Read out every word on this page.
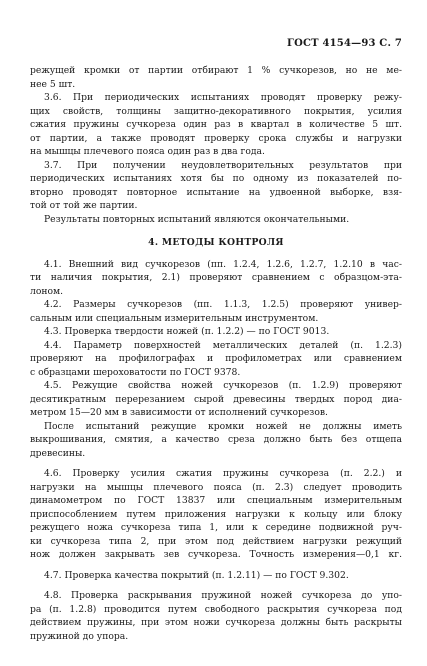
ГОСТ 4154—93 С. 7
режущей кромки от партии отбирают 1 % сучкорезов, но не ме-
нее 5 шт.
3.6. При периодических испытаниях проводят проверку режу-
щих свойств, толщины защитно-декоративного покрытия, усилия
сжатия пружины сучкореза один раз в квартал в количестве 5 шт.
от партии, а также проводят проверку срока службы и нагрузки
на мышцы плечевого пояса один раз в два года.
3.7. При получении неудовлетворительных результатов при
периодических испытаниях хотя бы по одному из показателей по-
вторно проводят повторное испытание на удвоенной выборке, взя-
той от той же партии.
Результаты повторных испытаний являются окончательными.
4. МЕТОДЫ КОНТРОЛЯ
4.1. Внешний вид сучкорезов (пп. 1.2.4, 1.2.6, 1.2.7, 1.2.10 в час-
ти наличия покрытия, 2.1) проверяют сравнением с образцом-эта-
лоном.
4.2. Размеры сучкорезов (пп. 1.1.3, 1.2.5) проверяют универ-
сальным или специальным измерительным инструментом.
4.3. Проверка твердости ножей (п. 1.2.2) — по ГОСТ 9013.
4.4. Параметр поверхностей металлических деталей (п. 1.2.3)
проверяют на профилографах и профилометрах или сравнением
с образцами шероховатости по ГОСТ 9378.
4.5. Режущие свойства ножей сучкорезов (п. 1.2.9) проверяют
десятикратным перерезанием сырой древесины твердых пород диа-
метром 15—20 мм в зависимости от исполнений сучкорезов.
После испытаний режущие кромки ножей не должны иметь
выкрошивания, смятия, а качество среза должно быть без отщепа
древесины.
4.6. Проверку усилия сжатия пружины сучкореза (п. 2.2.) и
нагрузки на мышцы плечевого пояса (п. 2.3) следует проводить
динамометром по ГОСТ 13837 или специальным измерительным
приспособлением путем приложения нагрузки к кольцу или блоку
режущего ножа сучкореза типа 1, или к середине подвижной руч-
ки сучкореза типа 2, при этом под действием нагрузки режущий
нож должен закрывать зев сучкореза. Точность измерения—0,1 кг.
4.7. Проверка качества покрытий (п. 1.2.11) — по ГОСТ 9.302.
4.8. Проверка раскрывания пружиной ножей сучкореза до упо-
ра (п. 1.2.8) проводится путем свободного раскрытия сучкореза под
действием пружины, при этом ножи сучкореза должны быть раскрыты
пружиной до упора.
